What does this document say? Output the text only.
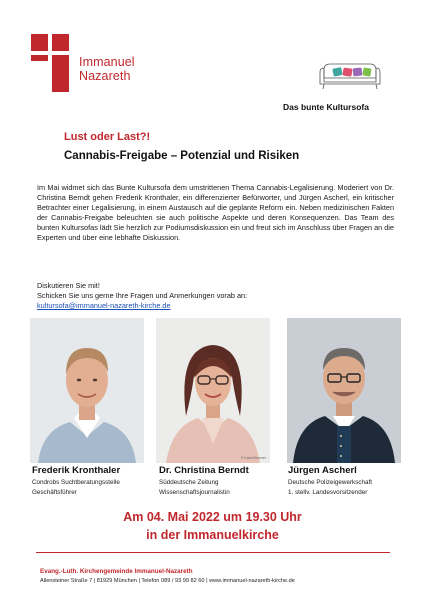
Immanuel
Nazareth
Das bunte Kultursofa
Lust oder Last?!
Cannabis-Freigabe – Potenzial und Risiken

Im Mai widmet sich das Bunte Kultursofa dem umstrittenen Thema Cannabis-Legalisierung. Moderiert von Dr. Christina Berndt gehen Frederik Kronthaler, ein differenzierter Befürworter, und Jürgen Ascherl, ein kritischer Betrachter einer Legalisierung, in einem Austausch auf die geplante Reform ein. Neben medizinischen Fakten der Cannabis-Freigabe beleuchten sie auch politische Aspekte und deren Konsequenzen. Das Team des bunten Kultursofas lädt Sie herzlich zur Podiumsdiskussion ein und freut sich im Anschluss über Fragen an die Experten und über eine lebhafte Diskussion.

Diskutieren Sie mit!
Schicken Sie uns gerne Ihre Fragen und Anmerkungen vorab an:
kultursofa@immanuel-nazareth-kirche.de
© Karin Brunner
Frederik Kronthaler
Condrobs Suchtberatungsstelle
Geschäftsführer
Dr. Christina Berndt
Süddeutsche Zeitung
Wissenschaftsjournalistin
Jürgen Ascherl
Deutsche Polizeigewerkschaft
1. stellv. Landesvorsitzender
Am 04. Mai 2022 um 19.30 Uhr
in der Immanuelkirche
Evang.-Luth. Kirchengemeinde Immanuel-Nazareth
Allensteiner Straße 7 | 81929 München | Telefon 089 / 93 99 82 60 | www.immanuel-nazareth-kirche.de
